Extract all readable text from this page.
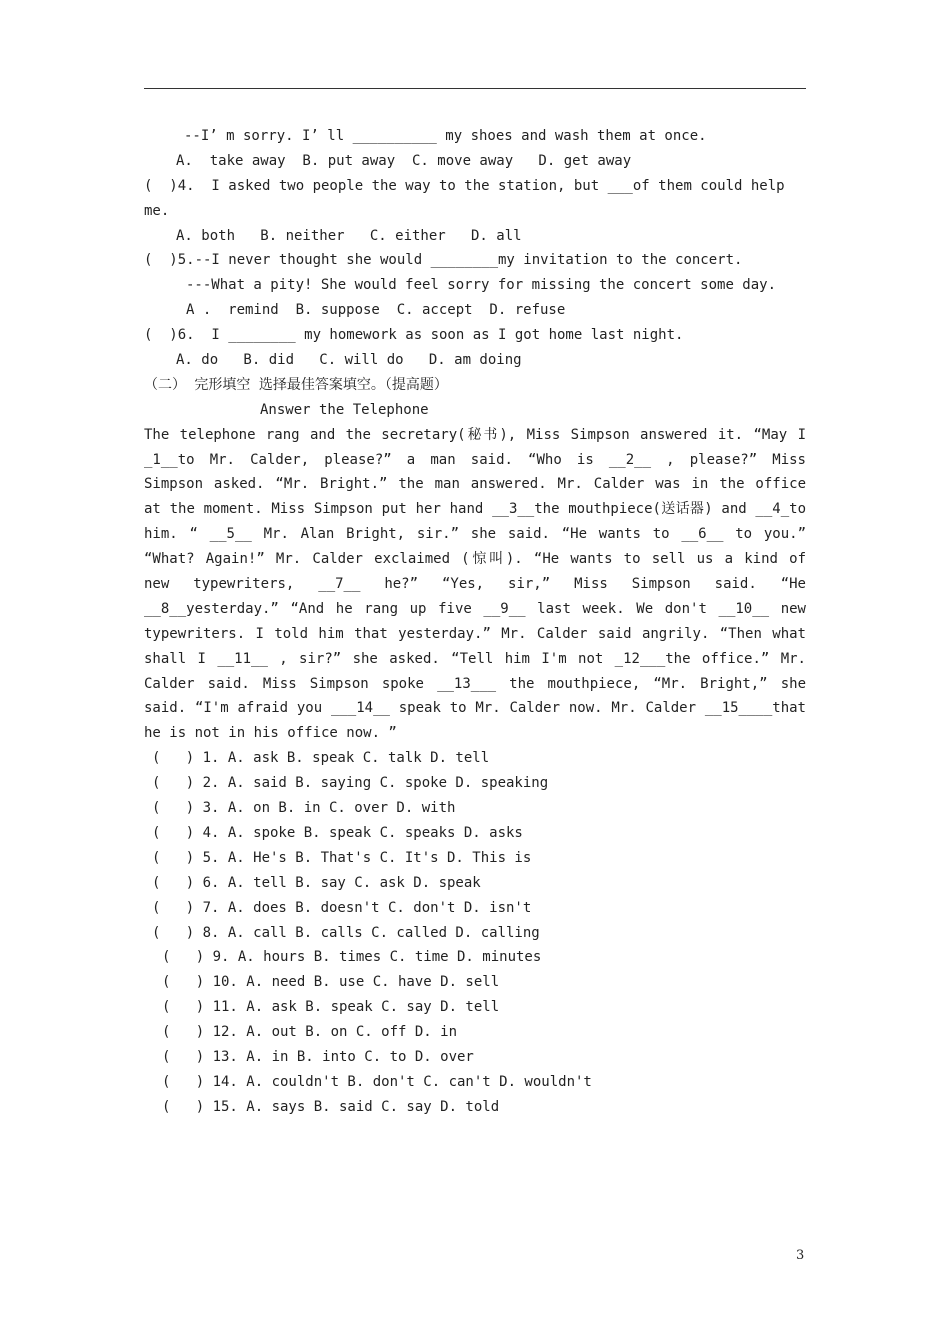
--I’ m sorry. I’ ll __________ my shoes and wash them at once.
A.  take away  B. put away  C. move away   D. get away
(  )4.  I asked two people the way to the station, but ___of them could help
me.
A. both   B. neither   C. either   D. all
(  )5.--I never thought she would ________my invitation to the concert.
---What a pity! She would feel sorry for missing the concert some day.
A .  remind  B. suppose  C. accept  D. refuse
(  )6.  I ________ my homework as soon as I got home last night.
A. do   B. did   C. will do   D. am doing
（二） 完形填空 选择最佳答案填空。（提高题）
Answer the Telephone
The telephone rang and the secretary(秘书), Miss Simpson answered it. “May I
_1__to Mr. Calder, please?” a man said. “Who is __2__ , please?” Miss
Simpson asked. “Mr. Bright.” the man answered. Mr. Calder was in the office
at the moment. Miss Simpson put her hand __3__the mouthpiece(送话器) and __4_to
him. “ __5__ Mr. Alan Bright, sir.” she said. “He wants to __6__ to you.”
“What? Again!” Mr. Calder exclaimed (惊叫). “He wants to sell us a kind of
new typewriters, __7__ he?” “Yes, sir,” Miss Simpson said. “He
__8__yesterday.” “And he rang up five __9__ last week. We don't __10__ new
typewriters. I told him that yesterday.” Mr. Calder said angrily. “Then what
shall I __11__ , sir?” she asked. “Tell him I'm not _12___the office.” Mr.
Calder said. Miss Simpson spoke __13___ the mouthpiece, “Mr. Bright,” she
said. “I'm afraid you ___14__ speak to Mr. Calder now. Mr. Calder __15____that
he is not in his office now. ”
(   ) 1. A. ask B. speak C. talk D. tell
(   ) 2. A. said B. saying C. spoke D. speaking
(   ) 3. A. on B. in C. over D. with
(   ) 4. A. spoke B. speak C. speaks D. asks
(   ) 5. A. He's B. That's C. It's D. This is
(   ) 6. A. tell B. say C. ask D. speak
(   ) 7. A. does B. doesn't C. don't D. isn't
(   ) 8. A. call B. calls C. called D. calling
(   ) 9. A. hours B. times C. time D. minutes
(   ) 10. A. need B. use C. have D. sell
(   ) 11. A. ask B. speak C. say D. tell
(   ) 12. A. out B. on C. off D. in
(   ) 13. A. in B. into C. to D. over
(   ) 14. A. couldn't B. don't C. can't D. wouldn't
(   ) 15. A. says B. said C. say D. told
3
